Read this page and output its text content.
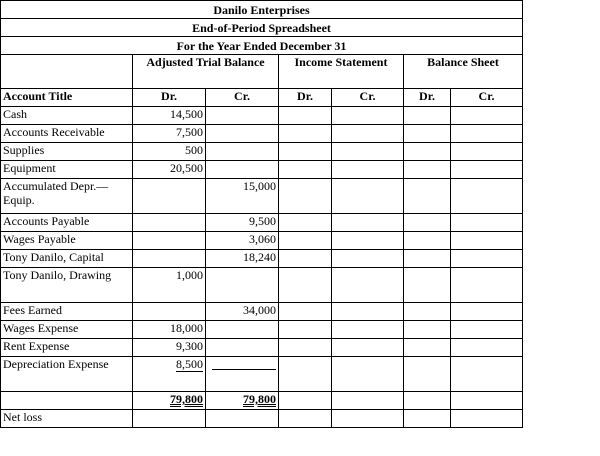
Danilo Enterprises						
End-of-Period Spreadsheet						
For the Year Ended December 31						
	Adjusted Trial Balance		Income Statement		Balance Sheet	
Account Title	Dr.	Cr.	Dr.	Cr.	Dr.	Cr.
Cash	14,500					
Accounts Receivable	7,500					
Supplies	500					
Equipment	20,500					
Accumulated Depr.—Equip.		15,000				
Accounts Payable		9,500				
Wages Payable		3,060				
Tony Danilo, Capital		18,240				
Tony Danilo, Drawing	1,000					
Fees Earned		34,000				
Wages Expense	18,000					
Rent Expense	9,300					
Depreciation Expense	8,500	

	79,800	79,800				
Net loss						
